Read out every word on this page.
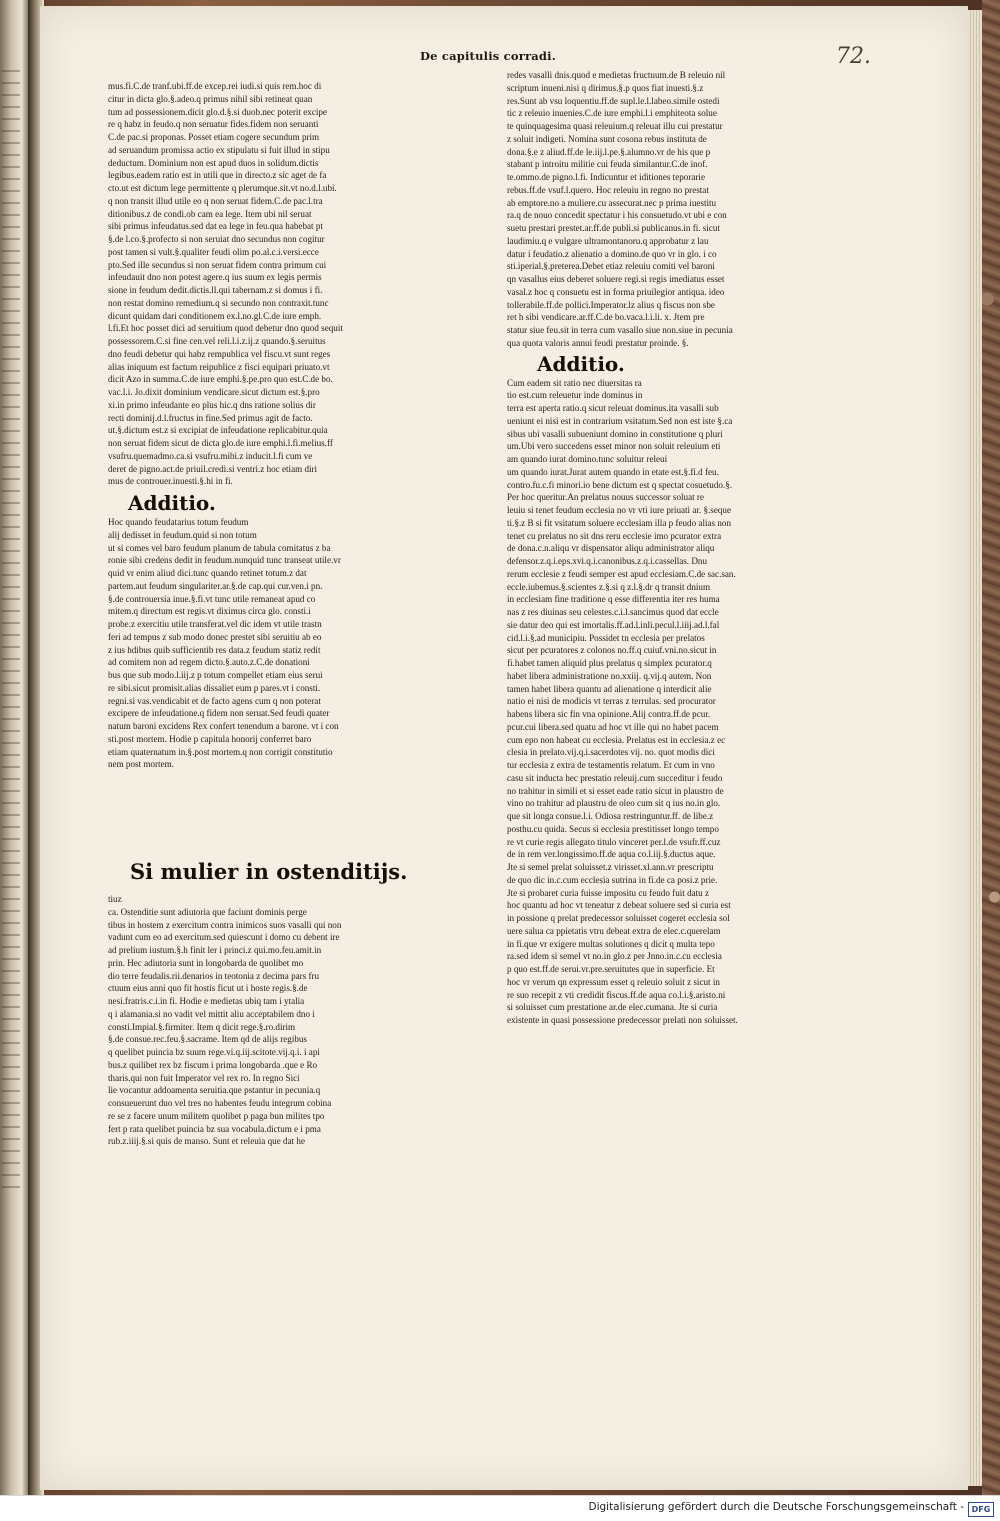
De capitulis corradi.	72.
mus.fi.C.de tranf.ubi.ff.de excep.rei iudi.si quis rem.hoc di
citur in dicta glo.§.adeo.q primus nihil sibi retineat quan
tum ad possessionem.dicit glo.d.§.si duob.nec poterit excipe
re q habz in feudo.q non seruatur fides.fidem non seruanti
C.de pac.si proponas. Posset etiam cogere secundum prim
ad seruandum promissa actio ex stipulatu si fuit illud in stipu
deductum. Dominium non est apud duos in solidum.dictis
legibus.eadem ratio est in utili que in directo.z sic aget de fa
cto.ut est dictum lege permittente q plerumque.sit.vt no.d.l.ubi.
q non transit illud utile eo q non seruat fidem.C.de pac.l.tra
ditionibus.z de condi.ob cam ea lege. Item ubi nil seruat
sibi primus infeudatus.sed dat ea lege in feu.qua habebat pt
§.de l.co.§.profecto si non seruiat dno secundus non cogitur
post tamen si vult.§.qualiter feudi olim po.al.c.i.versi.ecce
pto.Sed ille secundus si non seruat fidem contra primum cui
infeudauit dno non potest agere.q ius suum ex legis permis
sione in feudum dedit.dictis.ll.qui tabernam.z si domus i fi.
non restat domino remedium.q si secundo non contraxit.tunc
dicunt quidam dari conditionem ex.l.no.gl.C.de iure emph.
l.fi.Et hoc posset dici ad seruitium quod debetur dno quod sequit
possessorem.C.si fine cen.vel reli.l.i.z.ij.z quando.§.seruitus
dno feudi debetur qui habz rempublica vel fiscu.vt sunt reges
alias iniquum est factum reipublice z fisci equipari priuato.vt
dicit Azo in summa.C.de iure emphi.§.pe.pro quo est.C.de bo.
vac.l.i. Jo.dixit dominium vendicare.sicut dictum est.§.pro
xi.in primo infeudante eo plus hic.q dns ratione solius dir
recti dominij.d.l.fructus in fine.Sed primus agit de facto.
ut.§.dictum est.z si excipiat de infeudatione replicabitur.quia
non seruat fidem sicut de dicta glo.de iure emphi.l.fi.melius.ff
vsufru.quemadmo.ca.si vsufru.mibi.z inducit.l.fi cum ve
deret de pigno.act.de priuil.credi.si ventri.z hoc etiam diri
mus de controuer.inuesti.§.hi in fi.
Additio.
Hoc quando feudatarius totum feudum
alij dedisset in feudum.quid si non totum
ut si comes vel baro feudum planum de tabula comitatus z ba
ronie sibi credens dedit in feudum.nunquid tunc transeat utile.vr
quid vr enim aliud dici.tunc quando retinet totum.z dat
partem.aut feudum singulariter.ar.§.de cap.qui cur.ven.i pn.
§.de controuersia inue.§.fi.vt tunc utile remaneat apud co
mitem.q directum est regis.vt diximus circa glo. consti.i
probe.z exercitiu utile transferat.vel dic idem vt utile trastn
feri ad tempus z sub modo donec prestet sibi seruitiu ab eo
z ius hdibus quib sufficientib res data.z feudum statiz redit
ad comitem non ad regem dicto.§.auto.z.C.de donationi
bus que sub modo.l.iij.z p totum compellet etiam eius serui
re sibi.sicut promisit.alias dissaliet eum p pares.vt i consti.
regni.si vas.vendicabit et de facto agens cum q non poterat
excipere de infeudatione.q fidem non seruat.Sed feudi quater
natum baroni excidens Rex confert tenendum a barone. vt i con
sti.post mortem. Hodie p capitula honorij conferret baro
etiam quaternatum in.§.post mortem.q non corrigit constitutio
nem post mortem.
Si mulier in ostenditijs.
tiuz
ca. Ostenditie sunt adiutoria que faciunt dominis perge
tibus in hostem z exercitum contra inimicos suos vasalli qui non
vadunt cum eo ad exercitum.sed quiescunt i domo cu debent ire
ad prelium iustum.§.h finit ler i princi.z qui.mo.feu.amit.in
prin. Hec adiutoria sunt in longobarda de quolibet mo
dio terre feudalis.rii.denarios in teotonia z decima pars fru
ctuum eius anni quo fit hostis ficut ut i hoste regis.§.de
nesi.fratris.c.i.in fi. Hodie e medietas ubiq tam i ytalia
q i alamania.si no vadit vel mittit aliu acceptabilem dno i
consti.Impial.§.firmiter. Item q dicit rege.§.ro.dirim
§.de consue.rec.feu.§.sacrame. Item qd de alijs regibus
q quelibet puincia bz suum rege.vi.q.iij.scitote.vij.q.i. i api
bus.z quilibet rex bz fiscum i prima longobarda .que e Ro
tharis.qui non fuit Imperator vel rex ro. In regno Sici
lie vocantur addoamenta seruitia.que pstantur in pecunia.q
consueuerunt duo vel tres no habentes feudu integrum cobina
re se z facere unum militem quolibet p paga bun milites tpo
fert p rata quelibet puincia bz sua vocabula.dictum e i pma
rub.z.iiij.§.si quis de manso. Sunt et releuia que dat he
redes vasalli dnis.quod e medietas fructuum.de B releuio nil
scriptum inueni.nisi q dirimus.§.p quos fiat inuesti.§.z
res.Sunt ab vsu loquentiu.ff.de supl.le.l.labeo.simile ostedi
tic z releuio inuenies.C.de iure emphi.l.i emphiteota solue
te quinquagesima quasi releuium.q releuat illu cui prestatur
z soluit indigeti. Nomina sunt cosona rebus instituta de
dona.§.e z aliud.ff.de le.iij.l.pe.§.alumno.vr de his que p
stabant p introitu militie cui feuda similantur.C.de inof.
te.ommo.de pigno.l.fi. Indicuntur et iditiones teporarie
rebus.ff.de vsuf.l.quero. Hoc releuiu in regno no prestat
ab emptore.no a muliere.cu assecurat.nec p prima iuestitu
ra.q de nouo concedit spectatur i his consuetudo.vt ubi e con
suetu prestari prestet.ar.ff.de publi.si publicanus.in fi. sicut
laudimiu.q e vulgare ultramontanoru.q approbatur z lau
datur i feudatio.z alienatio a domino.de quo vr in glo. i co
sti.iperial.§.preterea.Debet etiaz releuiu comiti vel baroni
qn vasallus eius deberet soluere regi.si regis imediatus esset
vasal.z hoc q consuetu est in forma priuilegior antiqua. ideo
tollerabile.ff.de pollici.Imperator.lz alius q fiscus non sbe
ret h sibi vendicare.ar.ff.C.de bo.vaca.l.i.li. x. Jtem pre
statur siue feu.sit in terra cum vasallo siue non.siue in pecunia
qua quota valoris annui feudi prestatur proinde. §.
Additio.
Cum eadem sit ratio nec diuersitas ra
tio est.cum releuetur inde dominus in
terra est aperta ratio.q sicut releuat dominus.ita vasalli sub
ueniunt ei nisi est in contrarium vsitatum.Sed non est iste §.ca
sibus ubi vasalli subueniunt domino in constitutione q pluri
um.Ubi vero succedens esset minor non soluit releuium eti
am quando iurat domino.tunc soluitur releui
um quando iurat.Jurat autem quando in etate est.§.fi.d feu.
contro.fu.c.fi minori.io bene dictum est q spectat cosuetudo.§.
Per hoc queritur.An prelatus nouus successor soluat re
leuiu si tenet feudum ecclesia no vr vti iure priuati ar. §.seque
ti.§.z B si fit vsitatum soluere ecclesiam illa p feudo alias non
tenet cu prelatus no sit dns reru ecclesie imo pcurator extra
de dona.c.n.aliqu vr dispensator aliqu administrator aliqu
defensor.z.q.i.eps.xvi.q.i.canonibus.z.q.i.cassellas. Dnu
rerum ecclesie z feudi semper est apud ecclesiam.C.de sac.san.
eccle.iubemus.§.scientes z.§.si q z.l.§.dr q transit dnium
in ecclesiam fine traditione q esse differentia iter res huma
nas z res diuinas seu celestes.c.i.l.sancimus quod dat eccle
sie datur deo qui est imortalis.ff.ad.l.inli.pecul.l.iiij.ad.l.fal
cid.l.i.§.ad municipiu. Possidet tn ecclesia per prelatos
sicut per pcuratores z colonos no.ff.q cuiuf.vni.no.sicut in
fi.habet tamen aliquid plus prelatus q simplex pcurator.q
habet libera administratione no.xxiij. q.vij.q autem. Non
tamen habet libera quantu ad alienatione q interdicit alie
natio ei nisi de modicis vt terras z terrulas. sed procurator
habens libera sic fin vna opinione.Alij contra.ff.de pcur.
pcur.cui libera.sed quatu ad hoc vt ille qui no habet pacem
cum epo non habeat cu ecclesia. Prelatus est in ecclesia.z ec
clesia in prelato.vij.q.i.sacerdotes vij. no. quot modis dici
tur ecclesia z extra de testamentis relatum. Et cum in vno
casu sit inducta hec prestatio releuij.cum succeditur i feudo
no trahitur in simili et si esset eade ratio sicut in plaustro de
vino no trahitur ad plaustru de oleo cum sit q ius no.in glo.
que sit longa consue.l.i. Odiosa restringuntur.ff. de libe.z
posthu.cu quida. Secus si ecclesia prestitisset longo tempo
re vt curie regis allegato titulo vinceret per.l.de vsufr.ff.cuz
de in rem ver.longissimo.ff.de aqua co.l.iij.§.ductus aque.
Jte si semel prelat soluisset.z virisset.xl.ann.vr prescriptu
de quo dic in.c.cum ecclesia sutrina in fi.de ca posi.z prie.
Jte si probaret curia fuisse impositu cu feudo fuit datu z
hoc quantu ad hoc vt teneatur z debeat soluere sed si curia est
in possione q prelat predecessor soluisset cogeret ecclesia sol
uere salua ca ppietatis vtru debeat extra de elec.c.querelam
in fi.que vr exigere multas solutiones q dicit q multa tepo
ra.sed idem si semel vt no.in glo.z per Jnno.in.c.cu ecclesia
p quo est.ff.de serui.vr.pre.seruitutes que in superficie. Et
hoc vr verum qn expressum esset q releuio soluit z sicut in
re suo recepit z vti credidit fiscus.ff.de aqua co.l.i.§.aristo.ni
si soluisset cum prestatione ar.de elec.cumana. Jte si curia
existente in quasi possessione predecessor prelati non soluisset.
Digitalisierung gefördert durch die Deutsche Forschungsgemeinschaft - DFG
